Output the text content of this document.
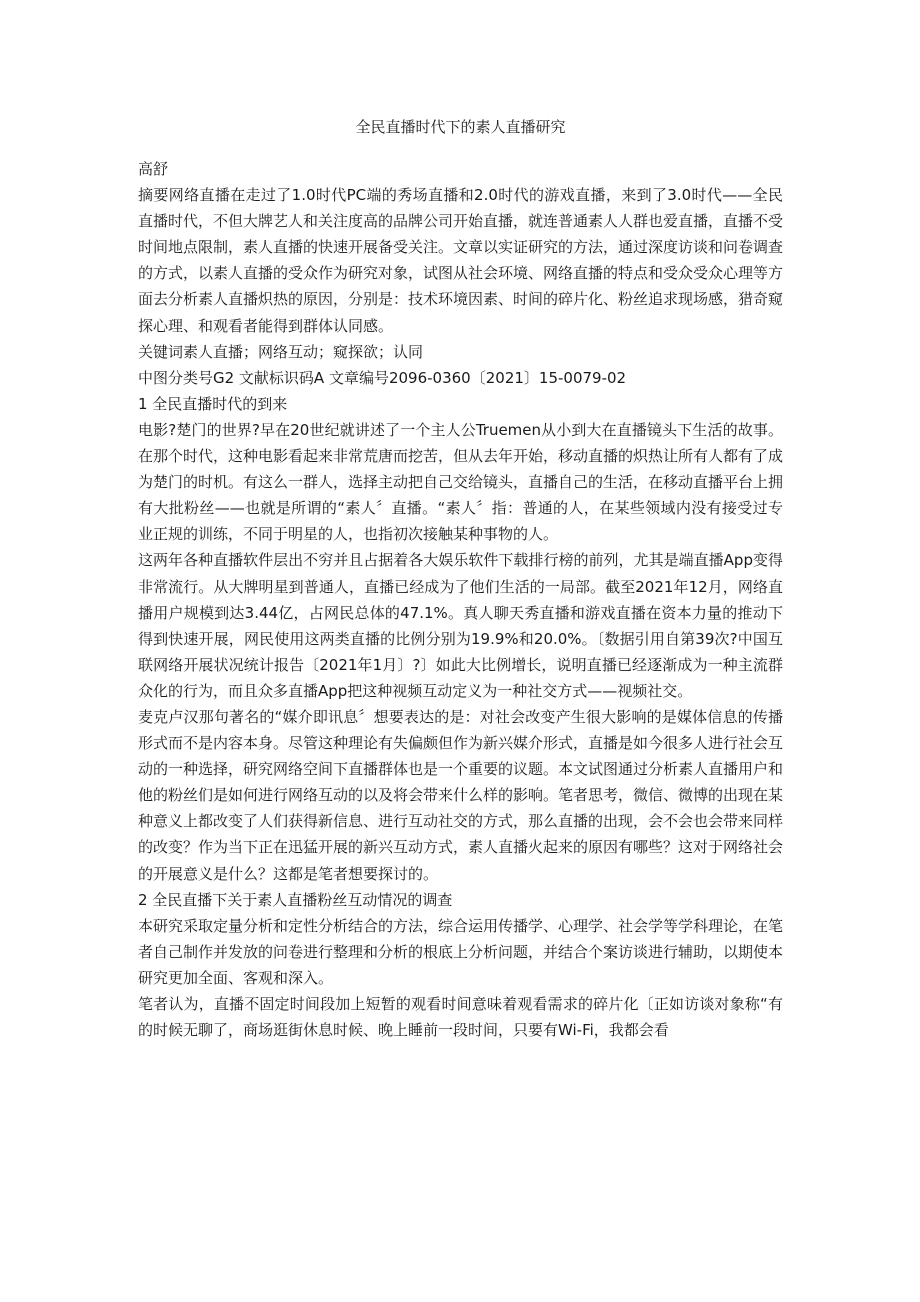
全民直播时代下的素人直播研究

高舒

摘要网络直播在走过了1.0时代PC端的秀场直播和2.0时代的游戏直播，来到了3.0时代——全民直播时代，不但大牌艺人和关注度高的品牌公司开始直播，就连普通素人人群也爱直播，直播不受时间地点限制，素人直播的快速开展备受关注。文章以实证研究的方法，通过深度访谈和问卷调查的方式，以素人直播的受众作为研究对象，试图从社会环境、网络直播的特点和受众受众心理等方面去分析素人直播炽热的原因，分别是：技术环境因素、时间的碎片化、粉丝追求现场感，猎奇窥探心理、和观看者能得到群体认同感。

关键词素人直播；网络互动；窥探欲；认同

中图分类号G2 文献标识码A 文章编号2096-0360〔2021〕15-0079-02

1 全民直播时代的到来

电影?楚门的世界?早在20世纪就讲述了一个主人公Truemen从小到大在直播镜头下生活的故事。在那个时代，这种电影看起来非常荒唐而挖苦，但从去年开始，移动直播的炽热让所有人都有了成为楚门的时机。有这么一群人，选择主动把自己交给镜头，直播自己的生活，在移动直播平台上拥有大批粉丝——也就是所谓的“素人〞直播。“素人〞指：普通的人，在某些领域内没有接受过专业正规的训练，不同于明星的人，也指初次接触某种事物的人。

这两年各种直播软件层出不穷并且占据着各大娱乐软件下载排行榜的前列，尤其是端直播App变得非常流行。从大牌明星到普通人，直播已经成为了他们生活的一局部。截至2021年12月，网络直播用户规模到达3.44亿，占网民总体的47.1%。真人聊天秀直播和游戏直播在资本力量的推动下得到快速开展，网民使用这两类直播的比例分别为19.9%和20.0%。〔数据引用自第39次?中国互联网络开展状况统计报告〔2021年1月〕?〕如此大比例增长，说明直播已经逐渐成为一种主流群众化的行为，而且众多直播App把这种视频互动定义为一种社交方式——视频社交。

麦克卢汉那句著名的“媒介即讯息〞想要表达的是：对社会改变产生很大影响的是媒体信息的传播形式而不是内容本身。尽管这种理论有失偏颇但作为新兴媒介形式，直播是如今很多人进行社会互动的一种选择，研究网络空间下直播群体也是一个重要的议题。本文试图通过分析素人直播用户和他的粉丝们是如何进行网络互动的以及将会带来什么样的影响。笔者思考，微信、微博的出现在某种意义上都改变了人们获得新信息、进行互动社交的方式，那么直播的出现，会不会也会带来同样的改变？作为当下正在迅猛开展的新兴互动方式，素人直播火起来的原因有哪些？这对于网络社会的开展意义是什么？这都是笔者想要探讨的。

2 全民直播下关于素人直播粉丝互动情况的调查

本研究采取定量分析和定性分析结合的方法，综合运用传播学、心理学、社会学等学科理论，在笔者自己制作并发放的问卷进行整理和分析的根底上分析问题，并结合个案访谈进行辅助，以期使本研究更加全面、客观和深入。

笔者认为，直播不固定时间段加上短暂的观看时间意味着观看需求的碎片化〔正如访谈对象称“有的时候无聊了，商场逛街休息时候、晚上睡前一段时间，只要有Wi-Fi，我都会看
